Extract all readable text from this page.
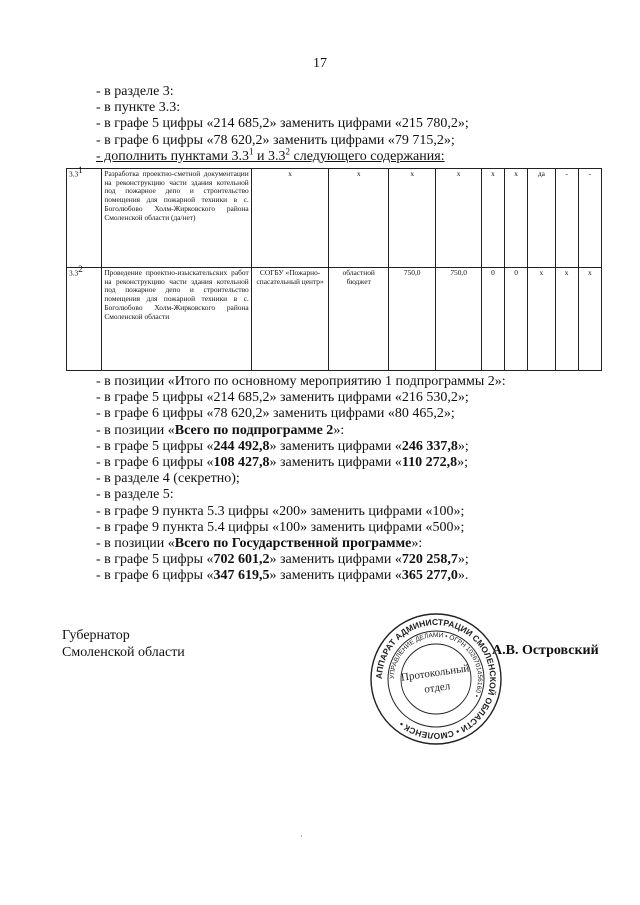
17
- в разделе 3:
- в пункте 3.3:
- в графе 5 цифры «214 685,2» заменить цифрами «215 780,2»;
- в графе 6 цифры «78 620,2» заменить цифрами «79 715,2»;
- дополнить пунктами $3.3^1$ и $3.3^2$ следующего содержания:
$3.3^1$	Разработка проектно-сметной документации на реконструкцию части здания котельной под пожарное депо и строительство помещения для пожарной техники в с. Боголюбово Холм-Жирковского района Смоленской области (да/нет)	х	х	х	х	х	х	да	-	-
$3.3^2$	Проведение проектно-изыскательских работ на реконструкцию части здания котельной под пожарное депо и строительство помещения для пожарной техники в с. Боголюбово Холм-Жирковского района Смоленской области	СОГБУ «Пожарно-спасательный центр»	областной бюджет	750,0	750,0	0	0	х	х	х
- в позиции «Итого по основному мероприятию 1 подпрограммы 2»:
- в графе 5 цифры «214 685,2» заменить цифрами «216 530,2»;
- в графе 6 цифры «78 620,2» заменить цифрами «80 465,2»;
- в позиции «Всего по подпрограмме 2»:
- в графе 5 цифры «244 492,8» заменить цифрами «246 337,8»;
- в графе 6 цифры «108 427,8» заменить цифрами «110 272,8»;
- в разделе 4 (секретно);
- в разделе 5:
- в графе 9 пункта 5.3 цифры «200» заменить цифрами «100»;
- в графе 9 пункта 5.4 цифры «100» заменить цифрами «500»;
- в позиции «Всего по Государственной программе»:
- в графе 5 цифры «702 601,2» заменить цифрами «720 258,7»;
- в графе 6 цифры «347 619,5» заменить цифрами «365 277,0».
Губернатор
Смоленской области	А.В. Островский
АППАРАТ АДМИНИСТРАЦИИ СМОЛЕНСКОЙ ОБЛАСТИ • СМОЛЕНСК •
УПРАВЛЕНИЕ ДЕЛАМИ • ОГРН 1026701456160 •
Протокольный
отдел
·
